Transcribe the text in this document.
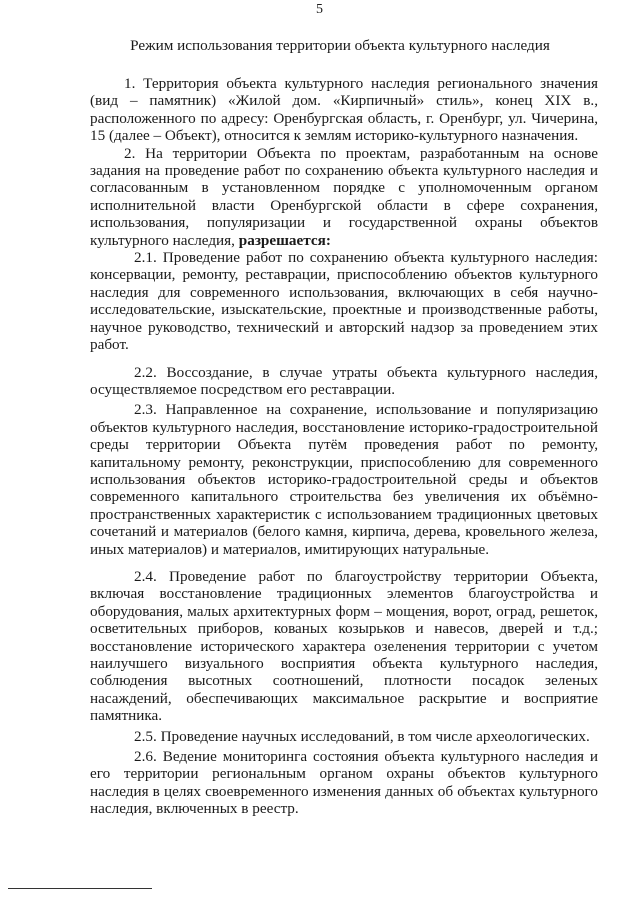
5
Режим использования территории объекта культурного наследия

1. Территория объекта культурного наследия регионального значения (вид – памятник) «Жилой дом. «Кирпичный» стиль», конец XIX в., расположенного по адресу: Оренбургская область, г. Оренбург, ул. Чичерина, 15 (далее – Объект), относится к землям историко-культурного назначения.

2. На территории Объекта по проектам, разработанным на основе задания на проведение работ по сохранению объекта культурного наследия и согласованным в установленном порядке с уполномоченным органом исполнительной власти Оренбургской области в сфере сохранения, использования, популяризации и государственной охраны объектов культурного наследия, разрешается:

2.1. Проведение работ по сохранению объекта культурного наследия: консервации, ремонту, реставрации, приспособлению объектов культурного наследия для современного использования, включающих в себя научно-исследовательские, изыскательские, проектные и производственные работы, научное руководство, технический и авторский надзор за проведением этих работ.

2.2. Воссоздание, в случае утраты объекта культурного наследия, осуществляемое посредством его реставрации.

2.3. Направленное на сохранение, использование и популяризацию объектов культурного наследия, восстановление историко-градостроительной среды территории Объекта путём проведения работ по ремонту, капитальному ремонту, реконструкции, приспособлению для современного использования объектов историко-градостроительной среды и объектов современного капитального строительства без увеличения их объёмно-пространственных характеристик с использованием традиционных цветовых сочетаний и материалов (белого камня, кирпича, дерева, кровельного железа, иных материалов) и материалов, имитирующих натуральные.

2.4. Проведение работ по благоустройству территории Объекта, включая восстановление традиционных элементов благоустройства и оборудования, малых архитектурных форм – мощения, ворот, оград, решеток, осветительных приборов, кованых козырьков и навесов, дверей и т.д.; восстановление исторического характера озеленения территории с учетом наилучшего визуального восприятия объекта культурного наследия, соблюдения высотных соотношений, плотности посадок зеленых насаждений, обеспечивающих максимальное раскрытие и восприятие памятника.

2.5. Проведение научных исследований, в том числе археологических.

2.6. Ведение мониторинга состояния объекта культурного наследия и его территории региональным органом охраны объектов культурного наследия в целях своевременного изменения данных об объектах культурного наследия, включенных в реестр.
